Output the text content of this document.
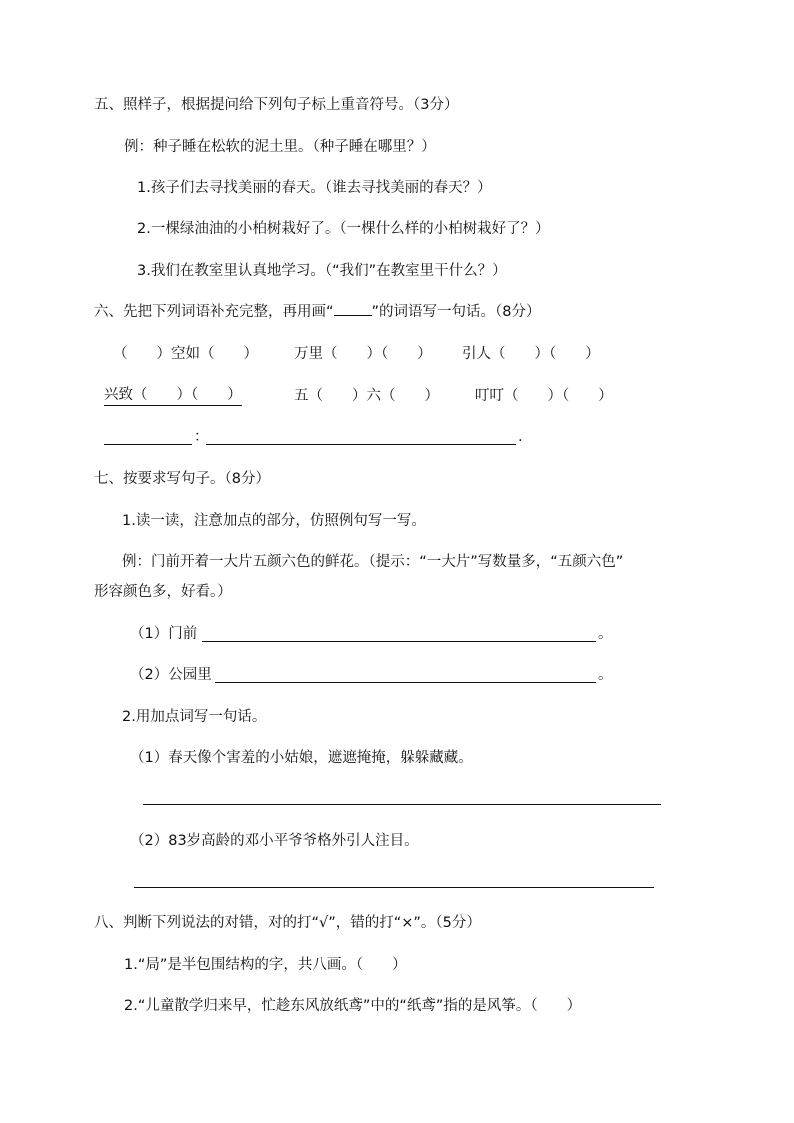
五、照样子，根据提问给下列句子标上重音符号。（3分）
例：种子睡在松软的泥土里。（种子睡在哪里？）
1.孩子们去寻找美丽的春天。（谁去寻找美丽的春天？）
2.一棵绿油油的小柏树栽好了。（一棵什么样的小柏树栽好了？）
3.我们在教室里认真地学习。（“我们”在教室里干什么？）
六、先把下列词语补充完整，再用画“	”的词语写一句话。（8分）
（　　）空如（　　） 万里（　　）（　　） 引人（　　）（　　）
兴致（　　）（　　）	五（　　）六（　　） 叮叮（　　）（　　）
：	.
七、按要求写句子。（8分）
1.读一读，注意加点的部分，仿照例句写一写。
例：门前开着一大片五颜六色的鲜花。（提示：“一大片”写数量多，“五颜六色”
形容颜色多，好看。）
（1）门前	。
（2）公园里	。
2.用加点词写一句话。
（1）春天像个害羞的小姑娘，遮遮掩掩，躲躲藏藏。
（2）83岁高龄的邓小平爷爷格外引人注目。
八、判断下列说法的对错，对的打“√”，错的打“×”。（5分）
1.“局”是半包围结构的字，共八画。（　　）
2.“儿童散学归来早，忙趁东风放纸鸢”中的“纸鸢”指的是风筝。（　　）
